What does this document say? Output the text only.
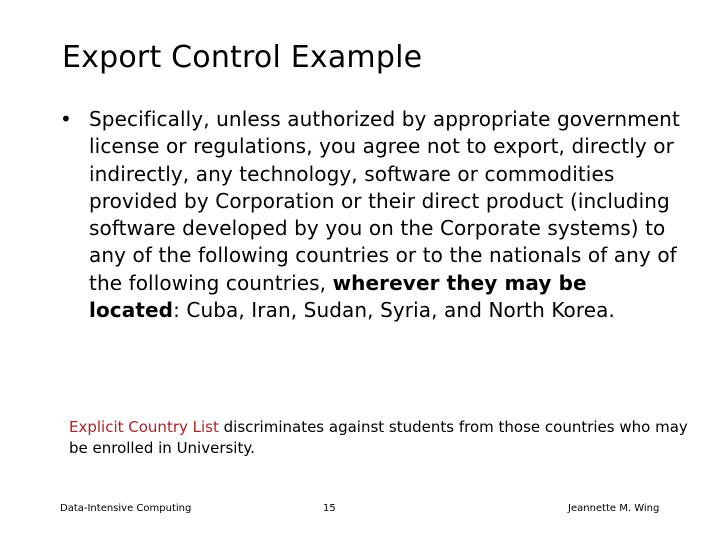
Export Control Example
• Specifically, unless authorized by appropriate government license or regulations, you agree not to export, directly or indirectly, any technology, software or commodities provided by Corporation or their direct product (including software developed by you on the Corporate systems) to any of the following countries or to the nationals of any of the following countries, wherever they may be located: Cuba, Iran, Sudan, Syria, and North Korea.
Explicit Country List discriminates against students from those countries who may be enrolled in University.
Data-Intensive Computing	15	Jeannette M. Wing
